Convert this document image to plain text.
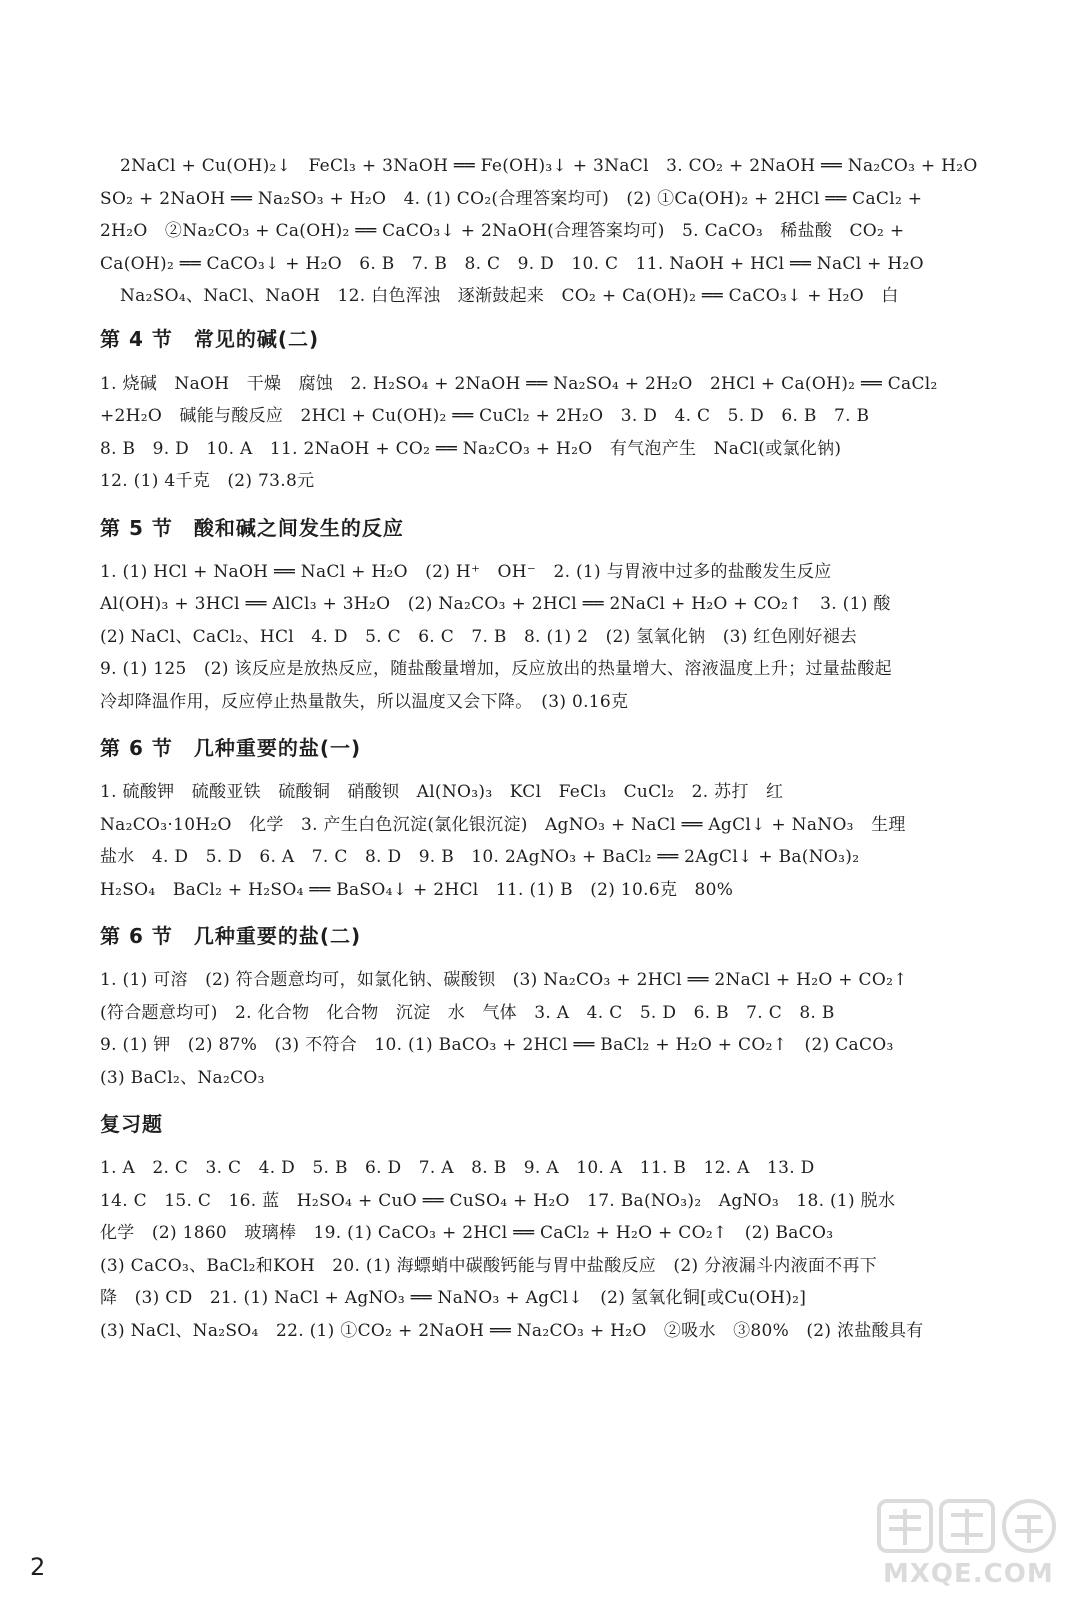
2NaCl + Cu(OH)₂↓　FeCl₃ + 3NaOH ══ Fe(OH)₃↓ + 3NaCl　3. CO₂ + 2NaOH ══ Na₂CO₃ + H₂O

SO₂ + 2NaOH ══ Na₂SO₃ + H₂O　4. (1) CO₂(合理答案均可)　(2) ①Ca(OH)₂ + 2HCl ══ CaCl₂ +

2H₂O　②Na₂CO₃ + Ca(OH)₂ ══ CaCO₃↓ + 2NaOH(合理答案均可)　5. CaCO₃　稀盐酸　CO₂ +

Ca(OH)₂ ══ CaCO₃↓ + H₂O　6. B　7. B　8. C　9. D　10. C　11. NaOH + HCl ══ NaCl + H₂O

Na₂SO₄、NaCl、NaOH　12. 白色浑浊　逐渐鼓起来　CO₂ + Ca(OH)₂ ══ CaCO₃↓ + H₂O　白

第 4 节　常见的碱(二)

1. 烧碱　NaOH　干燥　腐蚀　2. H₂SO₄ + 2NaOH ══ Na₂SO₄ + 2H₂O　2HCl + Ca(OH)₂ ══ CaCl₂

+2H₂O　碱能与酸反应　2HCl + Cu(OH)₂ ══ CuCl₂ + 2H₂O　3. D　4. C　5. D　6. B　7. B

8. B　9. D　10. A　11. 2NaOH + CO₂ ══ Na₂CO₃ + H₂O　有气泡产生　NaCl(或氯化钠)

12. (1) 4千克　(2) 73.8元

第 5 节　酸和碱之间发生的反应

1. (1) HCl + NaOH ══ NaCl + H₂O　(2) H⁺　OH⁻　2. (1) 与胃液中过多的盐酸发生反应

Al(OH)₃ + 3HCl ══ AlCl₃ + 3H₂O　(2) Na₂CO₃ + 2HCl ══ 2NaCl + H₂O + CO₂↑　3. (1) 酸

(2) NaCl、CaCl₂、HCl　4. D　5. C　6. C　7. B　8. (1) 2　(2) 氢氧化钠　(3) 红色刚好褪去

9. (1) 125　(2) 该反应是放热反应，随盐酸量增加，反应放出的热量增大、溶液温度上升；过量盐酸起

冷却降温作用，反应停止热量散失，所以温度又会下降。　(3) 0.16克

第 6 节　几种重要的盐(一)

1. 硫酸钾　硫酸亚铁　硫酸铜　硝酸钡　Al(NO₃)₃　KCl　FeCl₃　CuCl₂　2. 苏打　红

Na₂CO₃·10H₂O　化学　3. 产生白色沉淀(氯化银沉淀)　AgNO₃ + NaCl ══ AgCl↓ + NaNO₃　生理

盐水　4. D　5. D　6. A　7. C　8. D　9. B　10. 2AgNO₃ + BaCl₂ ══ 2AgCl↓ + Ba(NO₃)₂

H₂SO₄　BaCl₂ + H₂SO₄ ══ BaSO₄↓ + 2HCl　11. (1) B　(2) 10.6克　80%

第 6 节　几种重要的盐(二)

1. (1) 可溶　(2) 符合题意均可，如氯化钠、碳酸钡　(3) Na₂CO₃ + 2HCl ══ 2NaCl + H₂O + CO₂↑

(符合题意均可)　2. 化合物　化合物　沉淀　水　气体　3. A　4. C　5. D　6. B　7. C　8. B

9. (1) 钾　(2) 87%　(3) 不符合　10. (1) BaCO₃ + 2HCl ══ BaCl₂ + H₂O + CO₂↑　(2) CaCO₃

(3) BaCl₂、Na₂CO₃

复习题

1. A　2. C　3. C　4. D　5. B　6. D　7. A　8. B　9. A　10. A　11. B　12. A　13. D

14. C　15. C　16. 蓝　H₂SO₄ + CuO ══ CuSO₄ + H₂O　17. Ba(NO₃)₂　AgNO₃　18. (1) 脱水

化学　(2) 1860　玻璃棒　19. (1) CaCO₃ + 2HCl ══ CaCl₂ + H₂O + CO₂↑　(2) BaCO₃

(3) CaCO₃、BaCl₂和KOH　20. (1) 海螵蛸中碳酸钙能与胃中盐酸反应　(2) 分液漏斗内液面不再下

降　(3) CD　21. (1) NaCl + AgNO₃ ══ NaNO₃ + AgCl↓　(2) 氢氧化铜[或Cu(OH)₂]

(3) NaCl、Na₂SO₄　22. (1) ①CO₂ + 2NaOH ══ Na₂CO₃ + H₂O　②吸水　③80%　(2) 浓盐酸具有

2	MXQE.COM
